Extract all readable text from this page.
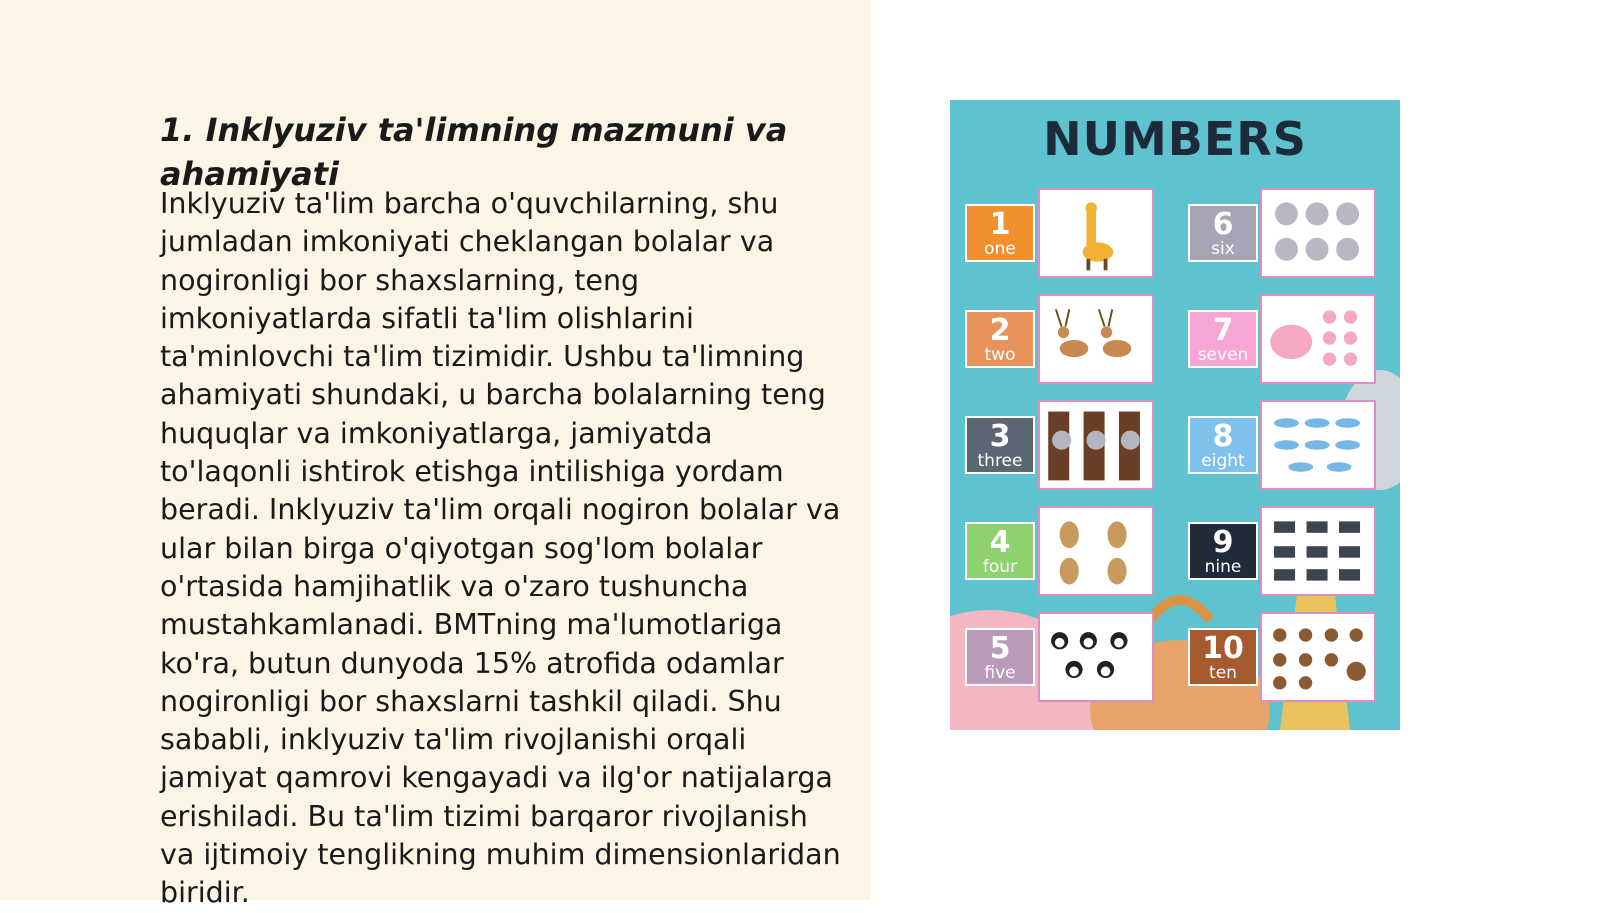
1. Inklyuziv ta'limning mazmuni va ahamiyati

Inklyuziv ta'lim barcha o'quvchilarning, shu jumladan imkoniyati cheklangan bolalar va nogironligi bor shaxslarning, teng imkoniyatlarda sifatli ta'lim olishlarini ta'minlovchi ta'lim tizimidir. Ushbu ta'limning ahamiyati shundaki, u barcha bolalarning teng huquqlar va imkoniyatlarga, jamiyatda to'laqonli ishtirok etishga intilishiga yordam beradi. Inklyuziv ta'lim orqali nogiron bolalar va ular bilan birga o'qiyotgan sog'lom bolalar o'rtasida hamjihatlik va o'zaro tushuncha mustahkamlanadi. BMTning ma'lumotlariga ko'ra, butun dunyoda 15% atrofida odamlar nogironligi bor shaxslarni tashkil qiladi. Shu sababli, inklyuziv ta'lim rivojlanishi orqali jamiyat qamrovi kengayadi va ilg'or natijalarga erishiladi. Bu ta'lim tizimi barqaror rivojlanish va ijtimoiy tenglikning muhim dimensionlaridan biridir.

NUMBERS
1
one
2
two
3
three
4
four
5
five
6
six
7
seven
8
eight
9
nine
10
ten
